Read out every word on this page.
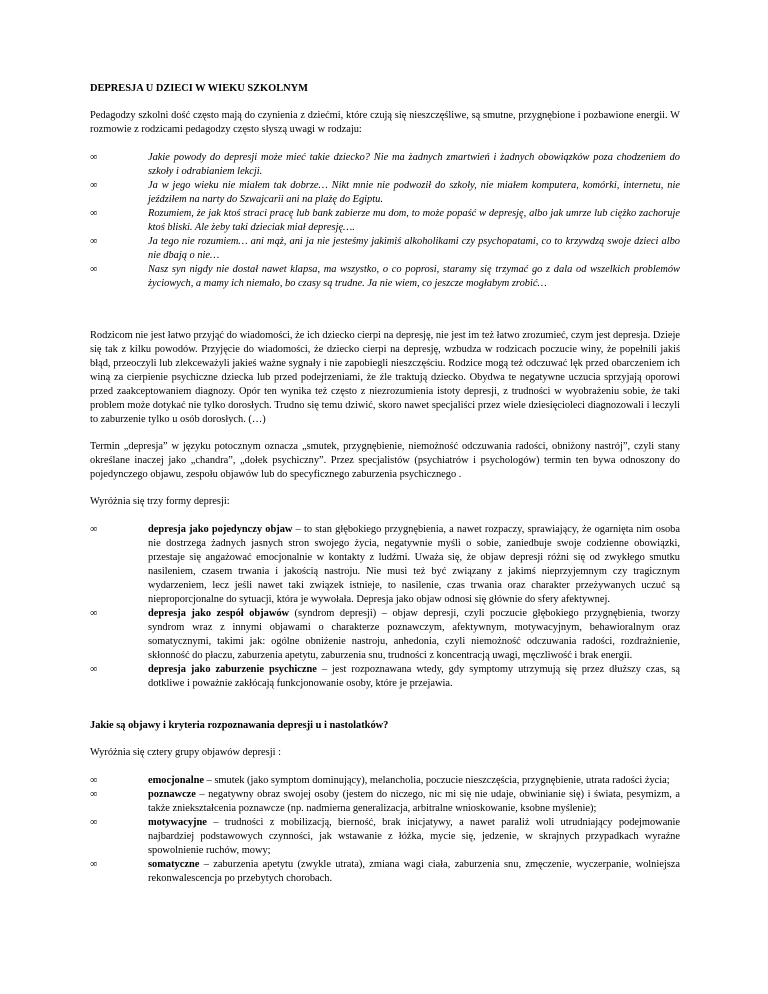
DEPRESJA U DZIECI W WIEKU SZKOLNYM

Pedagodzy szkolni dość często mają do czynienia z dziećmi, które czują się nieszczęśliwe, są smutne, przygnębione i pozbawione energii. W rozmowie z rodzicami pedagodzy często słyszą uwagi w rodzaju:

∞	Jakie powody do depresji może mieć takie dziecko? Nie ma żadnych zmartwień i żadnych obowiązków poza chodzeniem do szkoły i odrabianiem lekcji.
∞	Ja w jego wieku nie miałem tak dobrze… Nikt mnie nie podwoził do szkoły, nie miałem komputera, komórki, internetu, nie jeździłem na narty do Szwajcarii ani na plażę do Egiptu.
∞	Rozumiem, że jak ktoś straci pracę lub bank zabierze mu dom, to może popaść w depresję, albo jak umrze lub ciężko zachoruje ktoś bliski. Ale żeby taki dzieciak miał depresję….
∞	Ja tego nie rozumiem… ani mąż, ani ja nie jesteśmy jakimiś alkoholikami czy psychopatami, co to krzywdzą swoje dzieci albo nie dbają o nie…
∞	Nasz syn nigdy nie dostał nawet klapsa, ma wszystko, o co poprosi, staramy się trzymać go z dala od wszelkich problemów życiowych, a mamy ich niemało, bo czasy są trudne. Ja nie wiem, co jeszcze mogłabym zrobić…

Rodzicom nie jest łatwo przyjąć do wiadomości, że ich dziecko cierpi na depresję, nie jest im też łatwo zrozumieć, czym jest depresja. Dzieje się tak z kilku powodów. Przyjęcie do wiadomości, że dziecko cierpi na depresję, wzbudza w rodzicach poczucie winy, że popełnili jakiś błąd, przeoczyli lub zlekceważyli jakieś ważne sygnały i nie zapobiegli nieszczęściu. Rodzice mogą też odczuwać lęk przed obarczeniem ich winą za cierpienie psychiczne dziecka lub przed podejrzeniami, że źle traktują dziecko. Obydwa te negatywne uczucia sprzyjają oporowi przed zaakceptowaniem diagnozy. Opór ten wynika też często z niezrozumienia istoty depresji, z trudności w wyobrażeniu sobie, że taki problem może dotykać nie tylko dorosłych. Trudno się temu dziwić, skoro nawet specjaliści przez wiele dziesięcioleci diagnozowali i leczyli to zaburzenie tylko u osób dorosłych. (…)

Termin „depresja” w języku potocznym oznacza „smutek, przygnębienie, niemożność odczuwania radości, obniżony nastrój”, czyli stany określane inaczej jako „chandra”, „dołek psychiczny”. Przez specjalistów (psychiatrów i psychologów) termin ten bywa odnoszony do pojedynczego objawu, zespołu objawów lub do specyficznego zaburzenia psychicznego .

Wyróżnia się trzy formy depresji:

∞	depresja jako pojedynczy objaw – to stan głębokiego przygnębienia, a nawet rozpaczy, sprawiający, że ogarnięta nim osoba nie dostrzega żadnych jasnych stron swojego życia, negatywnie myśli o sobie, zaniedbuje swoje codzienne obowiązki, przestaje się angażować emocjonalnie w kontakty z ludźmi. Uważa się, że objaw depresji różni się od zwykłego smutku nasileniem, czasem trwania i jakością nastroju. Nie musi też być związany z jakimś nieprzyjemnym czy tragicznym wydarzeniem, lecz jeśli nawet taki związek istnieje, to nasilenie, czas trwania oraz charakter przeżywanych uczuć są nieproporcjonalne do sytuacji, która je wywołała. Depresja jako objaw odnosi się głównie do sfery afektywnej.
∞	depresja jako zespół objawów (syndrom depresji) – objaw depresji, czyli poczucie głębokiego przygnębienia, tworzy syndrom wraz z innymi objawami o charakterze poznawczym, afektywnym, motywacyjnym, behawioralnym oraz somatycznymi, takimi jak: ogólne obniżenie nastroju, anhedonia, czyli niemożność odczuwania radości, rozdrażnienie, skłonność do płaczu, zaburzenia apetytu, zaburzenia snu, trudności z koncentracją uwagi, męczliwość i brak energii.
∞	depresja jako zaburzenie psychiczne – jest rozpoznawana wtedy, gdy symptomy utrzymują się przez dłuższy czas, są dotkliwe i poważnie zakłócają funkcjonowanie osoby, które je przejawia.

Jakie są objawy i kryteria rozpoznawania depresji u i nastolatków?

Wyróżnia się cztery grupy objawów depresji :

∞	emocjonalne – smutek (jako symptom dominujący), melancholia, poczucie nieszczęścia, przygnębienie, utrata radości życia;
∞	poznawcze – negatywny obraz swojej osoby (jestem do niczego, nic mi się nie udaje, obwinianie się) i świata, pesymizm, a także zniekształcenia poznawcze (np. nadmierna generalizacja, arbitralne wnioskowanie, ksobne myślenie);
∞	motywacyjne – trudności z mobilizacją, bierność, brak inicjatywy, a nawet paraliż woli utrudniający podejmowanie najbardziej podstawowych czynności, jak wstawanie z łóżka, mycie się, jedzenie, w skrajnych przypadkach wyraźne spowolnienie ruchów, mowy;
∞	somatyczne – zaburzenia apetytu (zwykle utrata), zmiana wagi ciała, zaburzenia snu, zmęczenie, wyczerpanie, wolniejsza rekonwalescencja po przebytych chorobach.
